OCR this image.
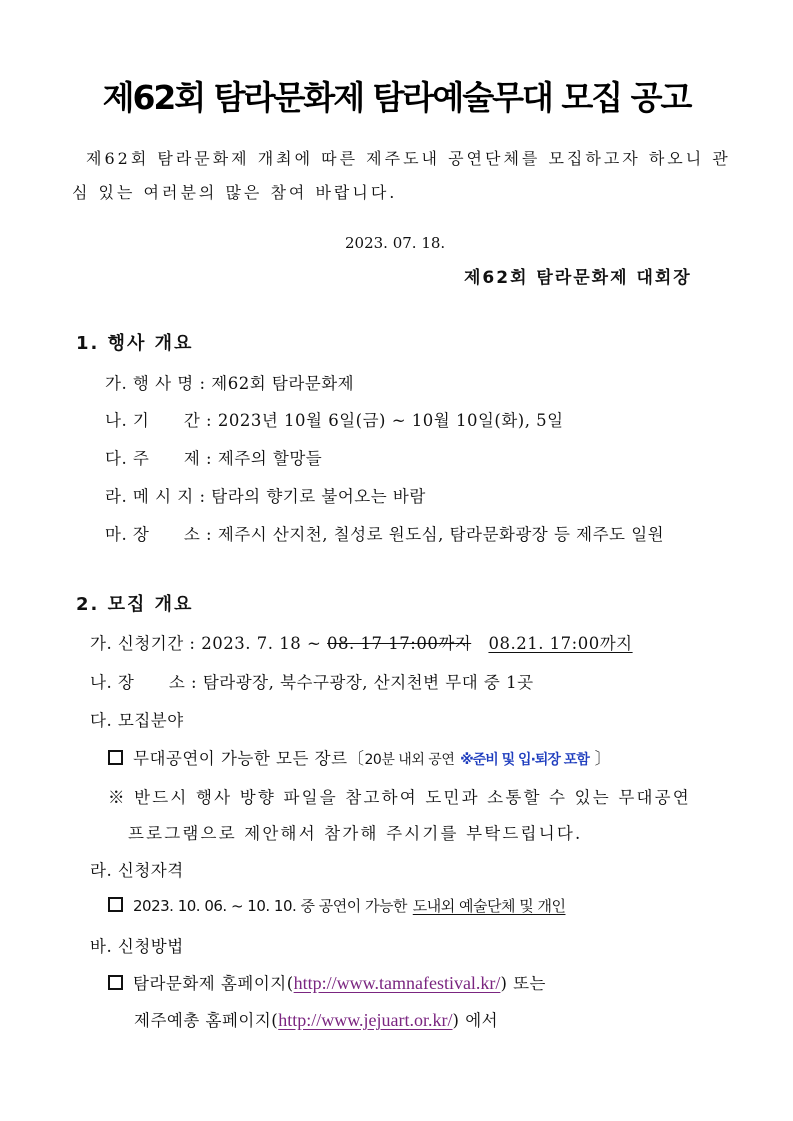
제62회 탐라문화제 탐라예술무대 모집 공고
제62회 탐라문화제 개최에 따른 제주도내 공연단체를 모집하고자 하오니 관
심 있는 여러분의 많은 참여 바랍니다.
2023. 07. 18.
제62회 탐라문화제 대회장
1. 행사 개요
가. 행 사 명 : 제62회 탐라문화제
나. 기      간 : 2023년 10월 6일(금) ~ 10월 10일(화), 5일
다. 주      제 : 제주의 할망들
라. 메 시 지 : 탐라의 향기로 불어오는 바람
마. 장      소 : 제주시 산지천, 칠성로 원도심, 탐라문화광장 등 제주도 일원
2. 모집 개요
가. 신청기간 : 2023. 7. 18 ~ 08. 17 17:00까지 08.21. 17:00까지
나. 장      소 : 탐라광장, 북수구광장, 산지천변 무대 중 1곳
다. 모집분야
무대공연이 가능한 모든 장르〔20분 내외 공연 ※준비 및 입·퇴장 포함 〕
※ 반드시 행사 방향 파일을 참고하여 도민과 소통할 수 있는 무대공연
프로그램으로 제안해서 참가해 주시기를 부탁드립니다.
라. 신청자격
2023. 10. 06. ~ 10. 10. 중 공연이 가능한 도내외 예술단체 및 개인
바. 신청방법
탐라문화제 홈페이지(http://www.tamnafestival.kr/) 또는
제주예총 홈페이지(http://www.jejuart.or.kr/) 에서
